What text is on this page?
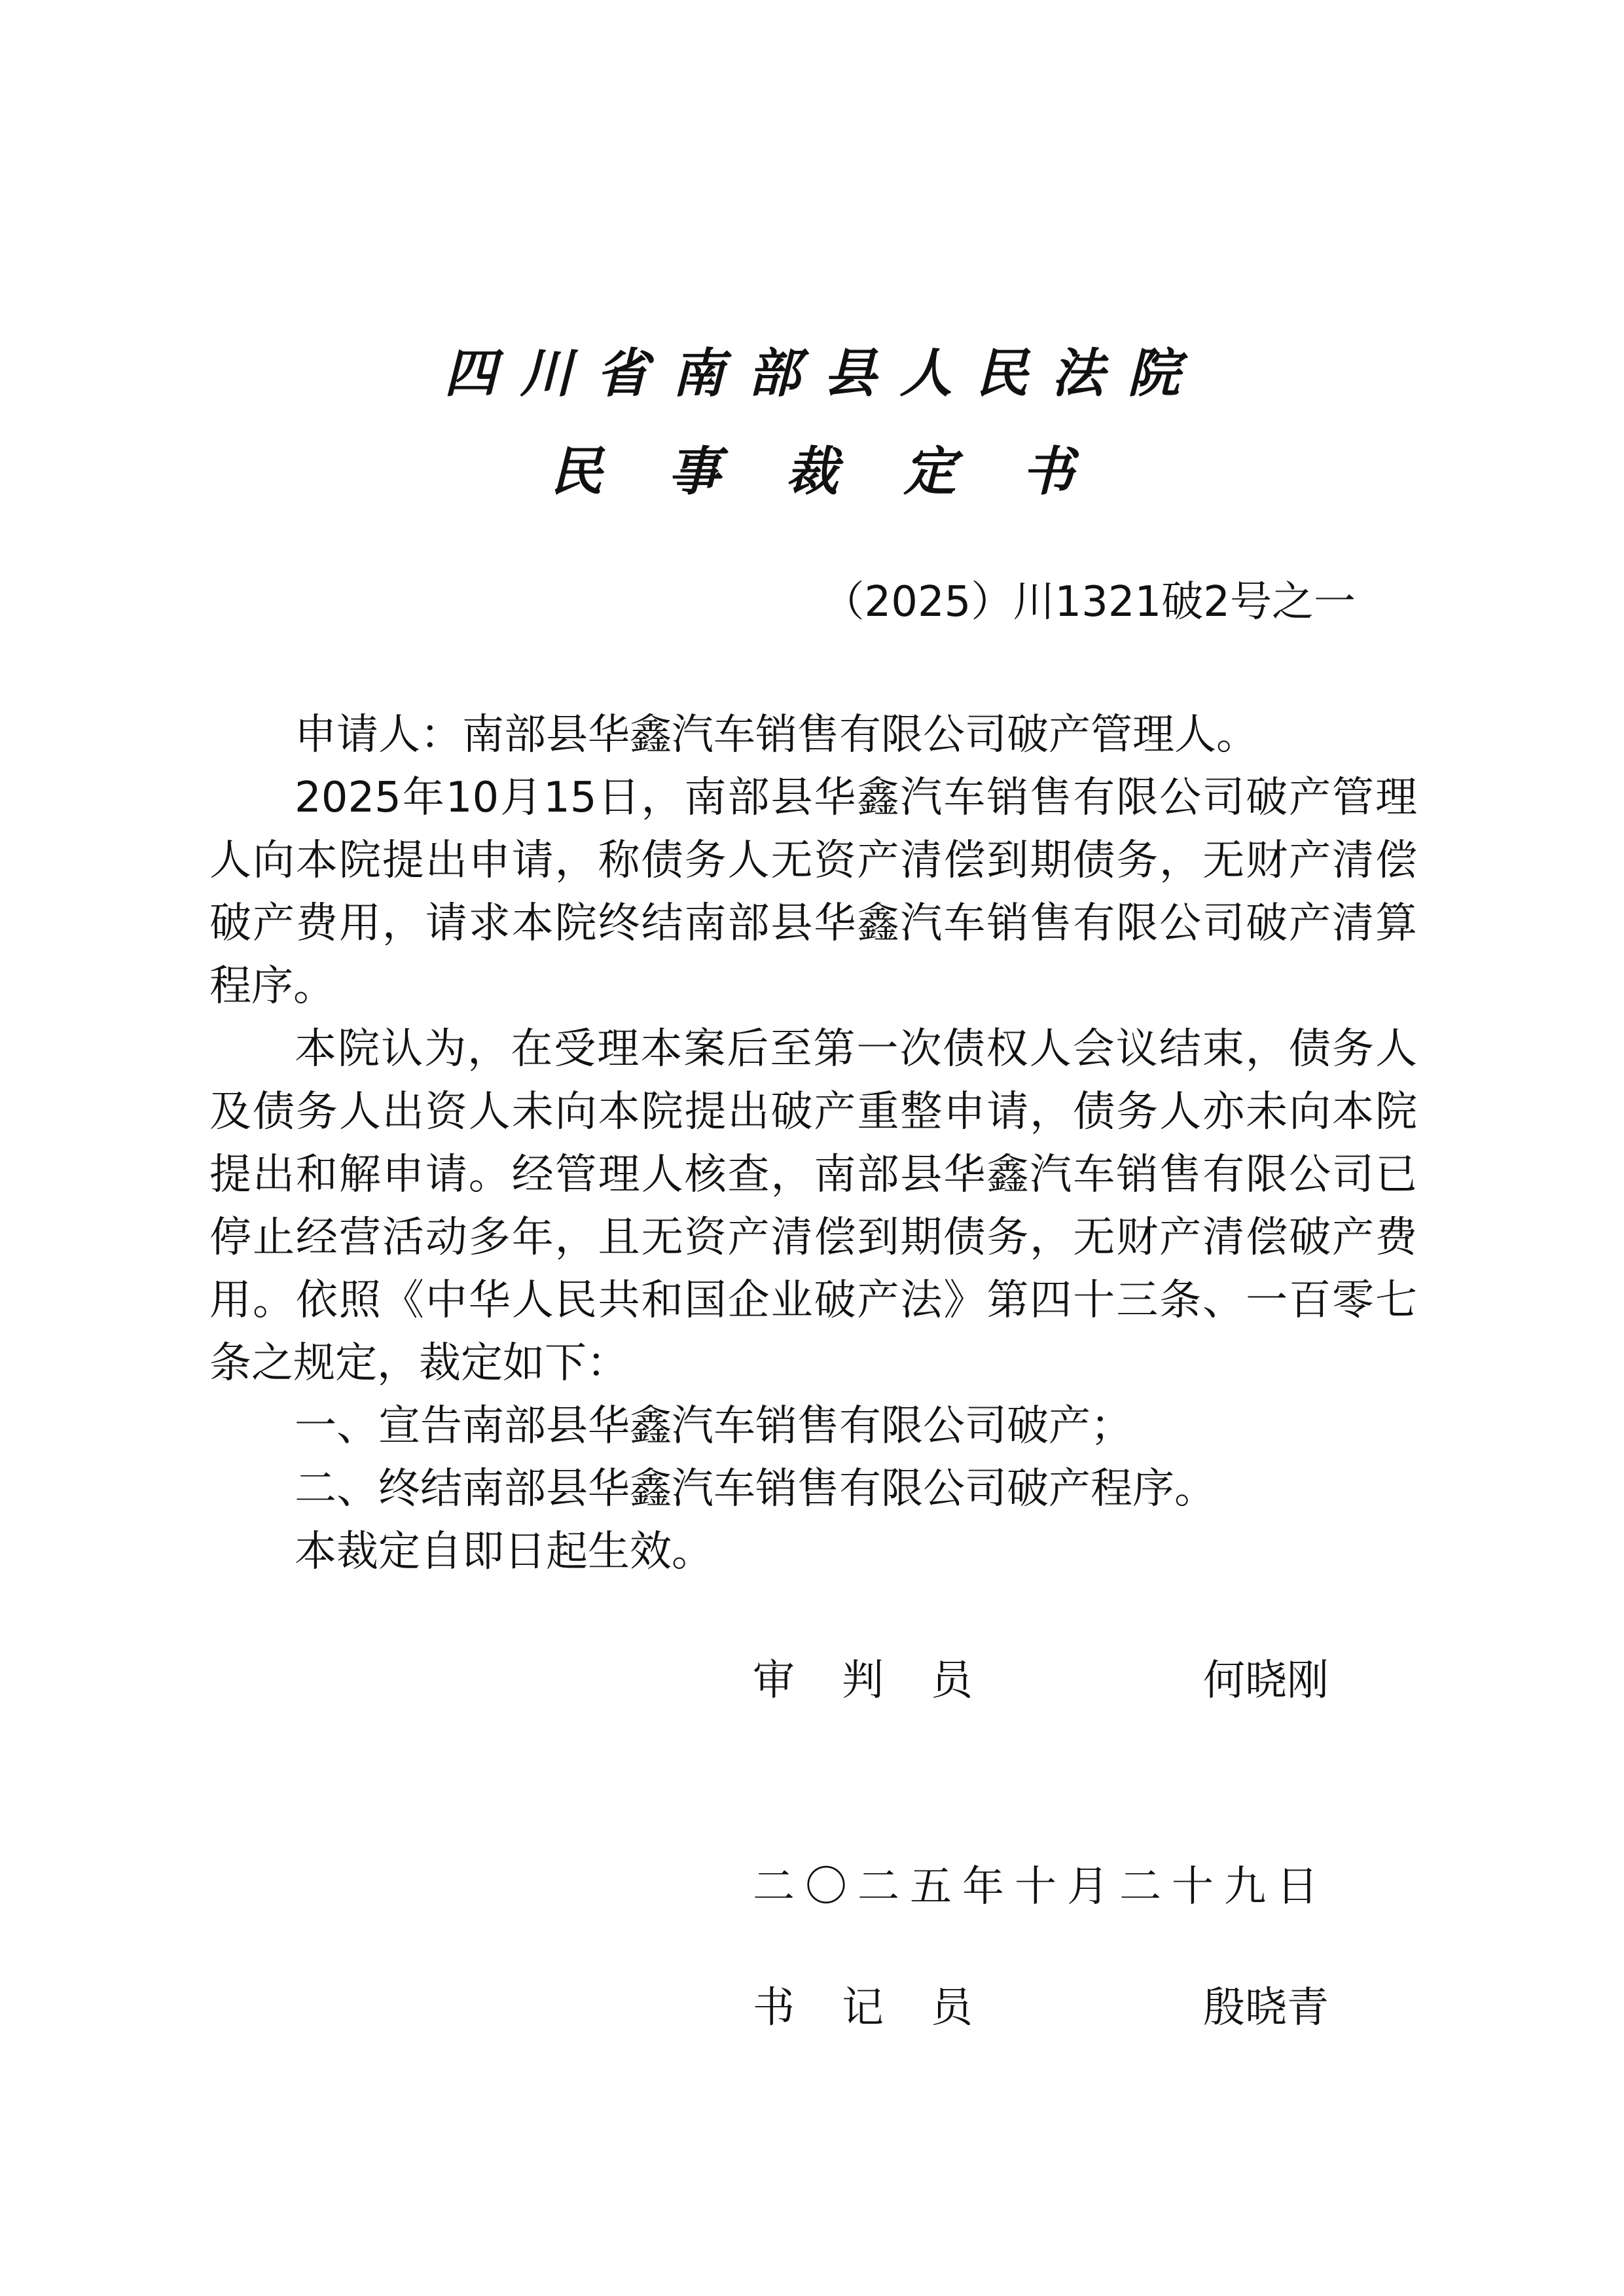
四川省南部县人民法院
民事裁定书
（2025）川1321破2号之一

申请人：南部县华鑫汽车销售有限公司破产管理人。

2025年10月15日，南部县华鑫汽车销售有限公司破产管理人向本院提出申请，称债务人无资产清偿到期债务，无财产清偿破产费用，请求本院终结南部县华鑫汽车销售有限公司破产清算程序。

本院认为，在受理本案后至第一次债权人会议结束，债务人及债务人出资人未向本院提出破产重整申请，债务人亦未向本院提出和解申请。经管理人核查，南部县华鑫汽车销售有限公司已停止经营活动多年，且无资产清偿到期债务，无财产清偿破产费用。依照《中华人民共和国企业破产法》第四十三条、一百零七条之规定，裁定如下：

一、宣告南部县华鑫汽车销售有限公司破产；

二、终结南部县华鑫汽车销售有限公司破产程序。

本裁定自即日起生效。

审判员	何晓刚
二〇二五年十月二十九日
书记员	殷晓青
